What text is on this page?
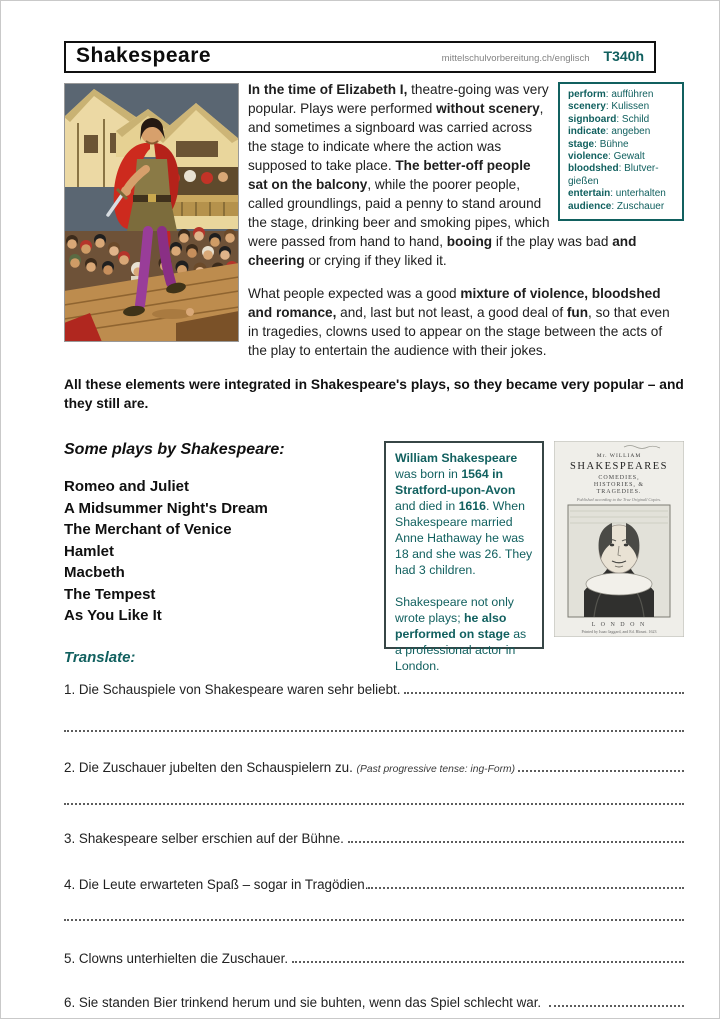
Shakespeare	mittelschulvorbereitung.ch/englisch T340h
perform: aufführen
scenery: Kulissen
signboard: Schild
indicate: angeben
stage: Bühne
violence: Gewalt
bloodshed: Blutver-gießen
entertain: unterhalten
audience: Zuschauer

In the time of Elizabeth I, theatre-going was very popular. Plays were performed without scenery, and sometimes a signboard was carried across the stage to indicate where the action was supposed to take place. The better-off people sat on the balcony, while the poorer people, called groundlings, paid a penny to stand around the stage, drinking beer and smoking pipes, which were passed from hand to hand, booing if the play was bad and cheering or crying if they liked it.

What people expected was a good mixture of violence, bloodshed and romance, and, last but not least, a good deal of fun, so that even in tragedies, clowns used to appear on the stage between the acts of the play to entertain the audience with their jokes.

All these elements were integrated in Shakespeare's plays, so they became very popular – and they still are.

Some plays by Shakespeare:
Romeo and Juliet
A Midsummer Night's Dream
The Merchant of Venice
Hamlet
Macbeth
The Tempest
As You Like It
Translate:

William Shakespeare was born in 1564 in Stratford-upon-Avon and died in 1616. When Shakespeare married Anne Hathaway he was 18 and she was 26. They had 3 children.

Shakespeare not only wrote plays; he also performed on stage as a professional actor in London.

Mr. WILLIAM
SHAKESPEARES
COMEDIES,
HISTORIES, &
TRAGEDIES.
Published according to the True Originall Copies.
L O N D O N
Printed by Isaac Iaggard, and Ed. Blount. 1623
1. Die Schauspiele von Shakespeare waren sehr beliebt.
2. Die Zuschauer jubelten den Schauspielern zu. (Past progressive tense: ing-Form)
3. Shakespeare selber erschien auf der Bühne.
4. Die Leute erwarteten Spaß – sogar in Tragödien.
5. Clowns unterhielten die Zuschauer.
6. Sie standen Bier trinkend herum und sie buhten, wenn das Spiel schlecht war.
